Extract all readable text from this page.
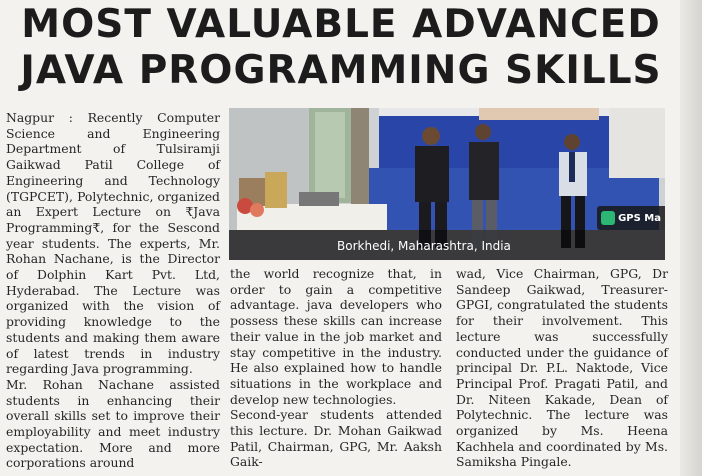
MOST VALUABLE ADVANCED
JAVA PROGRAMMING SKILLS

Nagpur : Recently Computer Science and Engineering Department of Tulsiramji Gaikwad Patil College of Engineering and Technology (TGPCET), Polytechnic, organized an Expert Lecture on ₹Java Programming₹, for the Sescond year students. The experts, Mr. Rohan Nachane, is the Director of Dolphin Kart Pvt. Ltd, Hyderabad. The Lecture was organized with the vision of providing knowledge to the students and making them aware of latest trends in industry regarding Java programming.

Mr. Rohan Nachane assisted students in enhancing their overall skills set to improve their employability and meet industry expectation. More and more corporations around

Borkhedi, Maharashtra, India
GPS Ma

the world recognize that, in order to gain a competitive advantage. java developers who possess these skills can increase their value in the job market and stay competitive in the industry. He also explained how to handle situations in the workplace and develop new technologies.

Second-year students attended this lecture. Dr. Mohan Gaikwad Patil, Chairman, GPG, Mr. Aaksh Gaik-

wad, Vice Chairman, GPG, Dr Sandeep Gaikwad, Treasurer-GPGI, congratulated the students for their involvement. This lecture was successfully conducted under the guidance of principal Dr. P.L. Naktode, Vice Principal Prof. Pragati Patil, and Dr. Niteen Kakade, Dean of Polytechnic. The lecture was organized by Ms. Heena Kachhela and coordinated by Ms. Samiksha Pingale.
